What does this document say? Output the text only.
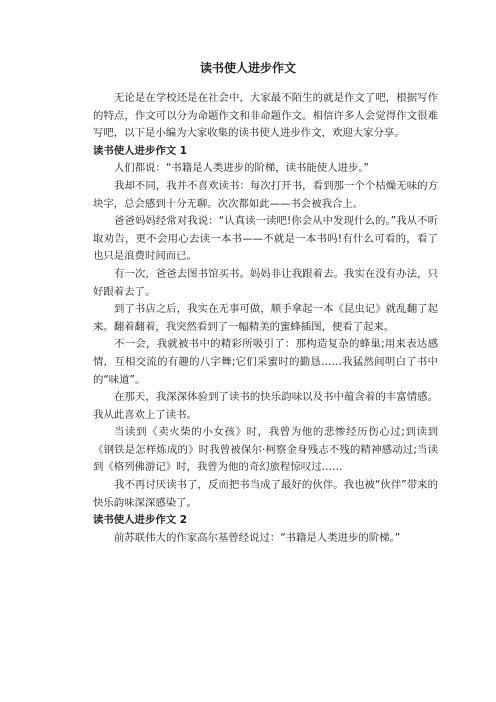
读书使人进步作文

无论是在学校还是在社会中，大家最不陌生的就是作文了吧，根据写作的特点，作文可以分为命题作文和非命题作文。相信许多人会觉得作文很难写吧，以下是小编为大家收集的读书使人进步作文，欢迎大家分享。

读书使人进步作文 1

人们都说：“书籍是人类进步的阶梯，读书能使人进步。”

我却不同，我并不喜欢读书：每次打开书，看到那一个个枯燥无味的方块字，总会感到十分无聊。次次都如此——书会被我合上。

爸爸妈妈经常对我说：“认真读一读吧!你会从中发现什么的。”我从不听取劝告，更不会用心去读一本书——不就是一本书吗!有什么可看的，看了也只是浪费时间而已。

有一次，爸爸去图书馆买书。妈妈非让我跟着去。我实在没有办法，只好跟着去了。

到了书店之后，我实在无事可做，顺手拿起一本《昆虫记》就乱翻了起来。翻着翻着，我突然看到了一幅精美的蜜蜂插图，便看了起来。

不一会，我就被书中的精彩所吸引了：那构造复杂的蜂巢;用来表达感情，互相交流的有趣的八字舞;它们采蜜时的勤恳……我猛然间明白了书中的“味道”。

在那天，我深深体验到了读书的快乐韵味以及书中蕴含着的丰富情感。我从此喜欢上了读书。

当读到《卖火柴的小女孩》时，我曾为他的悲惨经历伤心过;到读到《钢铁是怎样炼成的》时我曾被保尔·柯察金身残志不残的精神感动过;当读到《格列佛游记》时，我曾为他的奇幻旅程惊叹过……

我不再讨厌读书了，反而把书当成了最好的伙伴。我也被“伙伴”带来的快乐韵味深深感染了。

读书使人进步作文 2

前苏联伟大的作家高尔基曾经说过：“书籍是人类进步的阶梯。”
